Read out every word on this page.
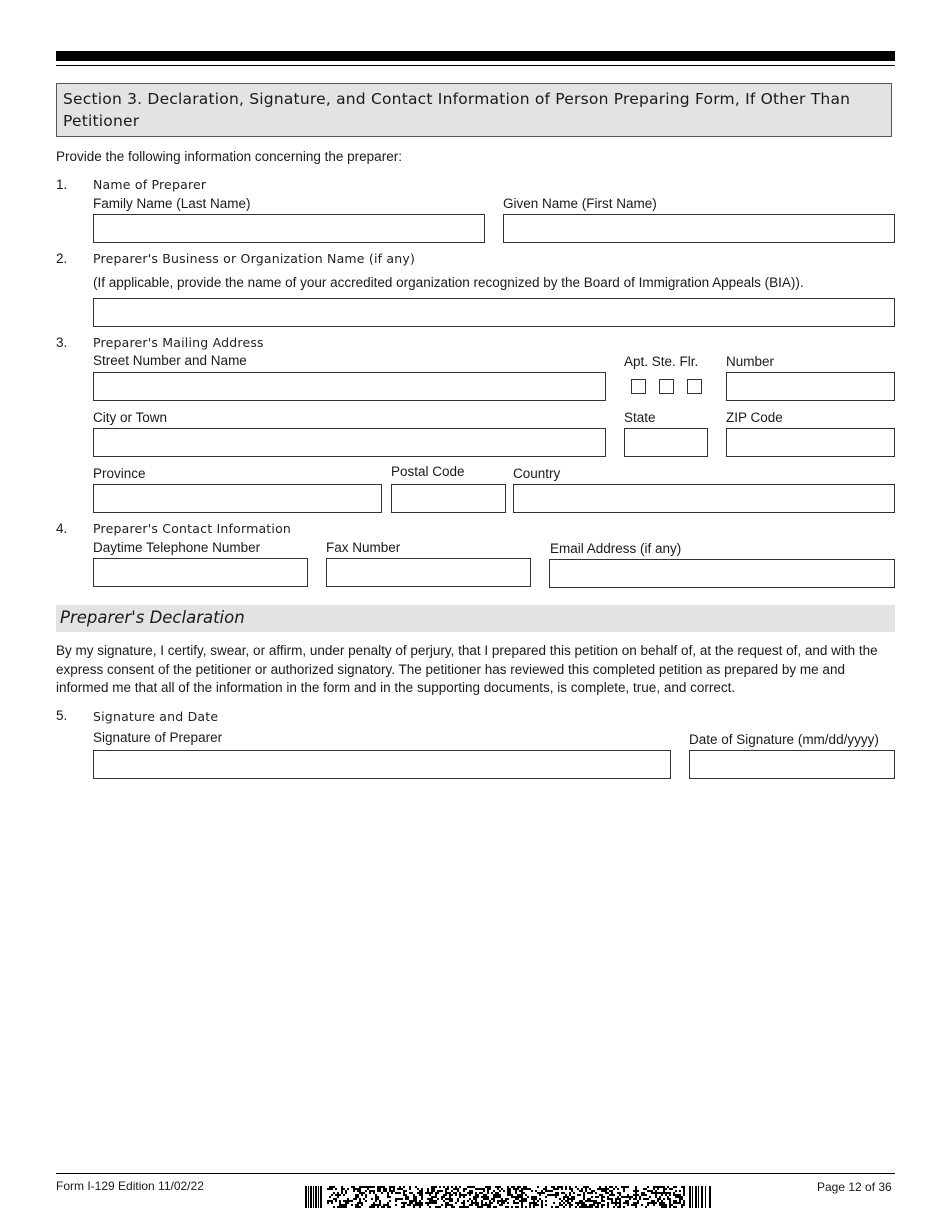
Section 3. Declaration, Signature, and Contact Information of Person Preparing Form, If Other Than Petitioner
Provide the following information concerning the preparer:
1. Name of Preparer
Family Name (Last Name)	Given Name (First Name)
2. Preparer's Business or Organization Name (if any)
(If applicable, provide the name of your accredited organization recognized by the Board of Immigration Appeals (BIA)).
3. Preparer's Mailing Address
Street Number and Name	Apt. Ste. Flr. Number
City or Town	State	ZIP Code
Province	Postal Code	Country
4. Preparer's Contact Information
Daytime Telephone Number	Fax Number	Email Address (if any)
Preparer's Declaration
By my signature, I certify, swear, or affirm, under penalty of perjury, that I prepared this petition on behalf of, at the request of, and with the express consent of the petitioner or authorized signatory. The petitioner has reviewed this completed petition as prepared by me and informed me that all of the information in the form and in the supporting documents, is complete, true, and correct.
5. Signature and Date
Signature of Preparer	Date of Signature (mm/dd/yyyy)
Form I-129 Edition 11/02/22	Page 12 of 36
